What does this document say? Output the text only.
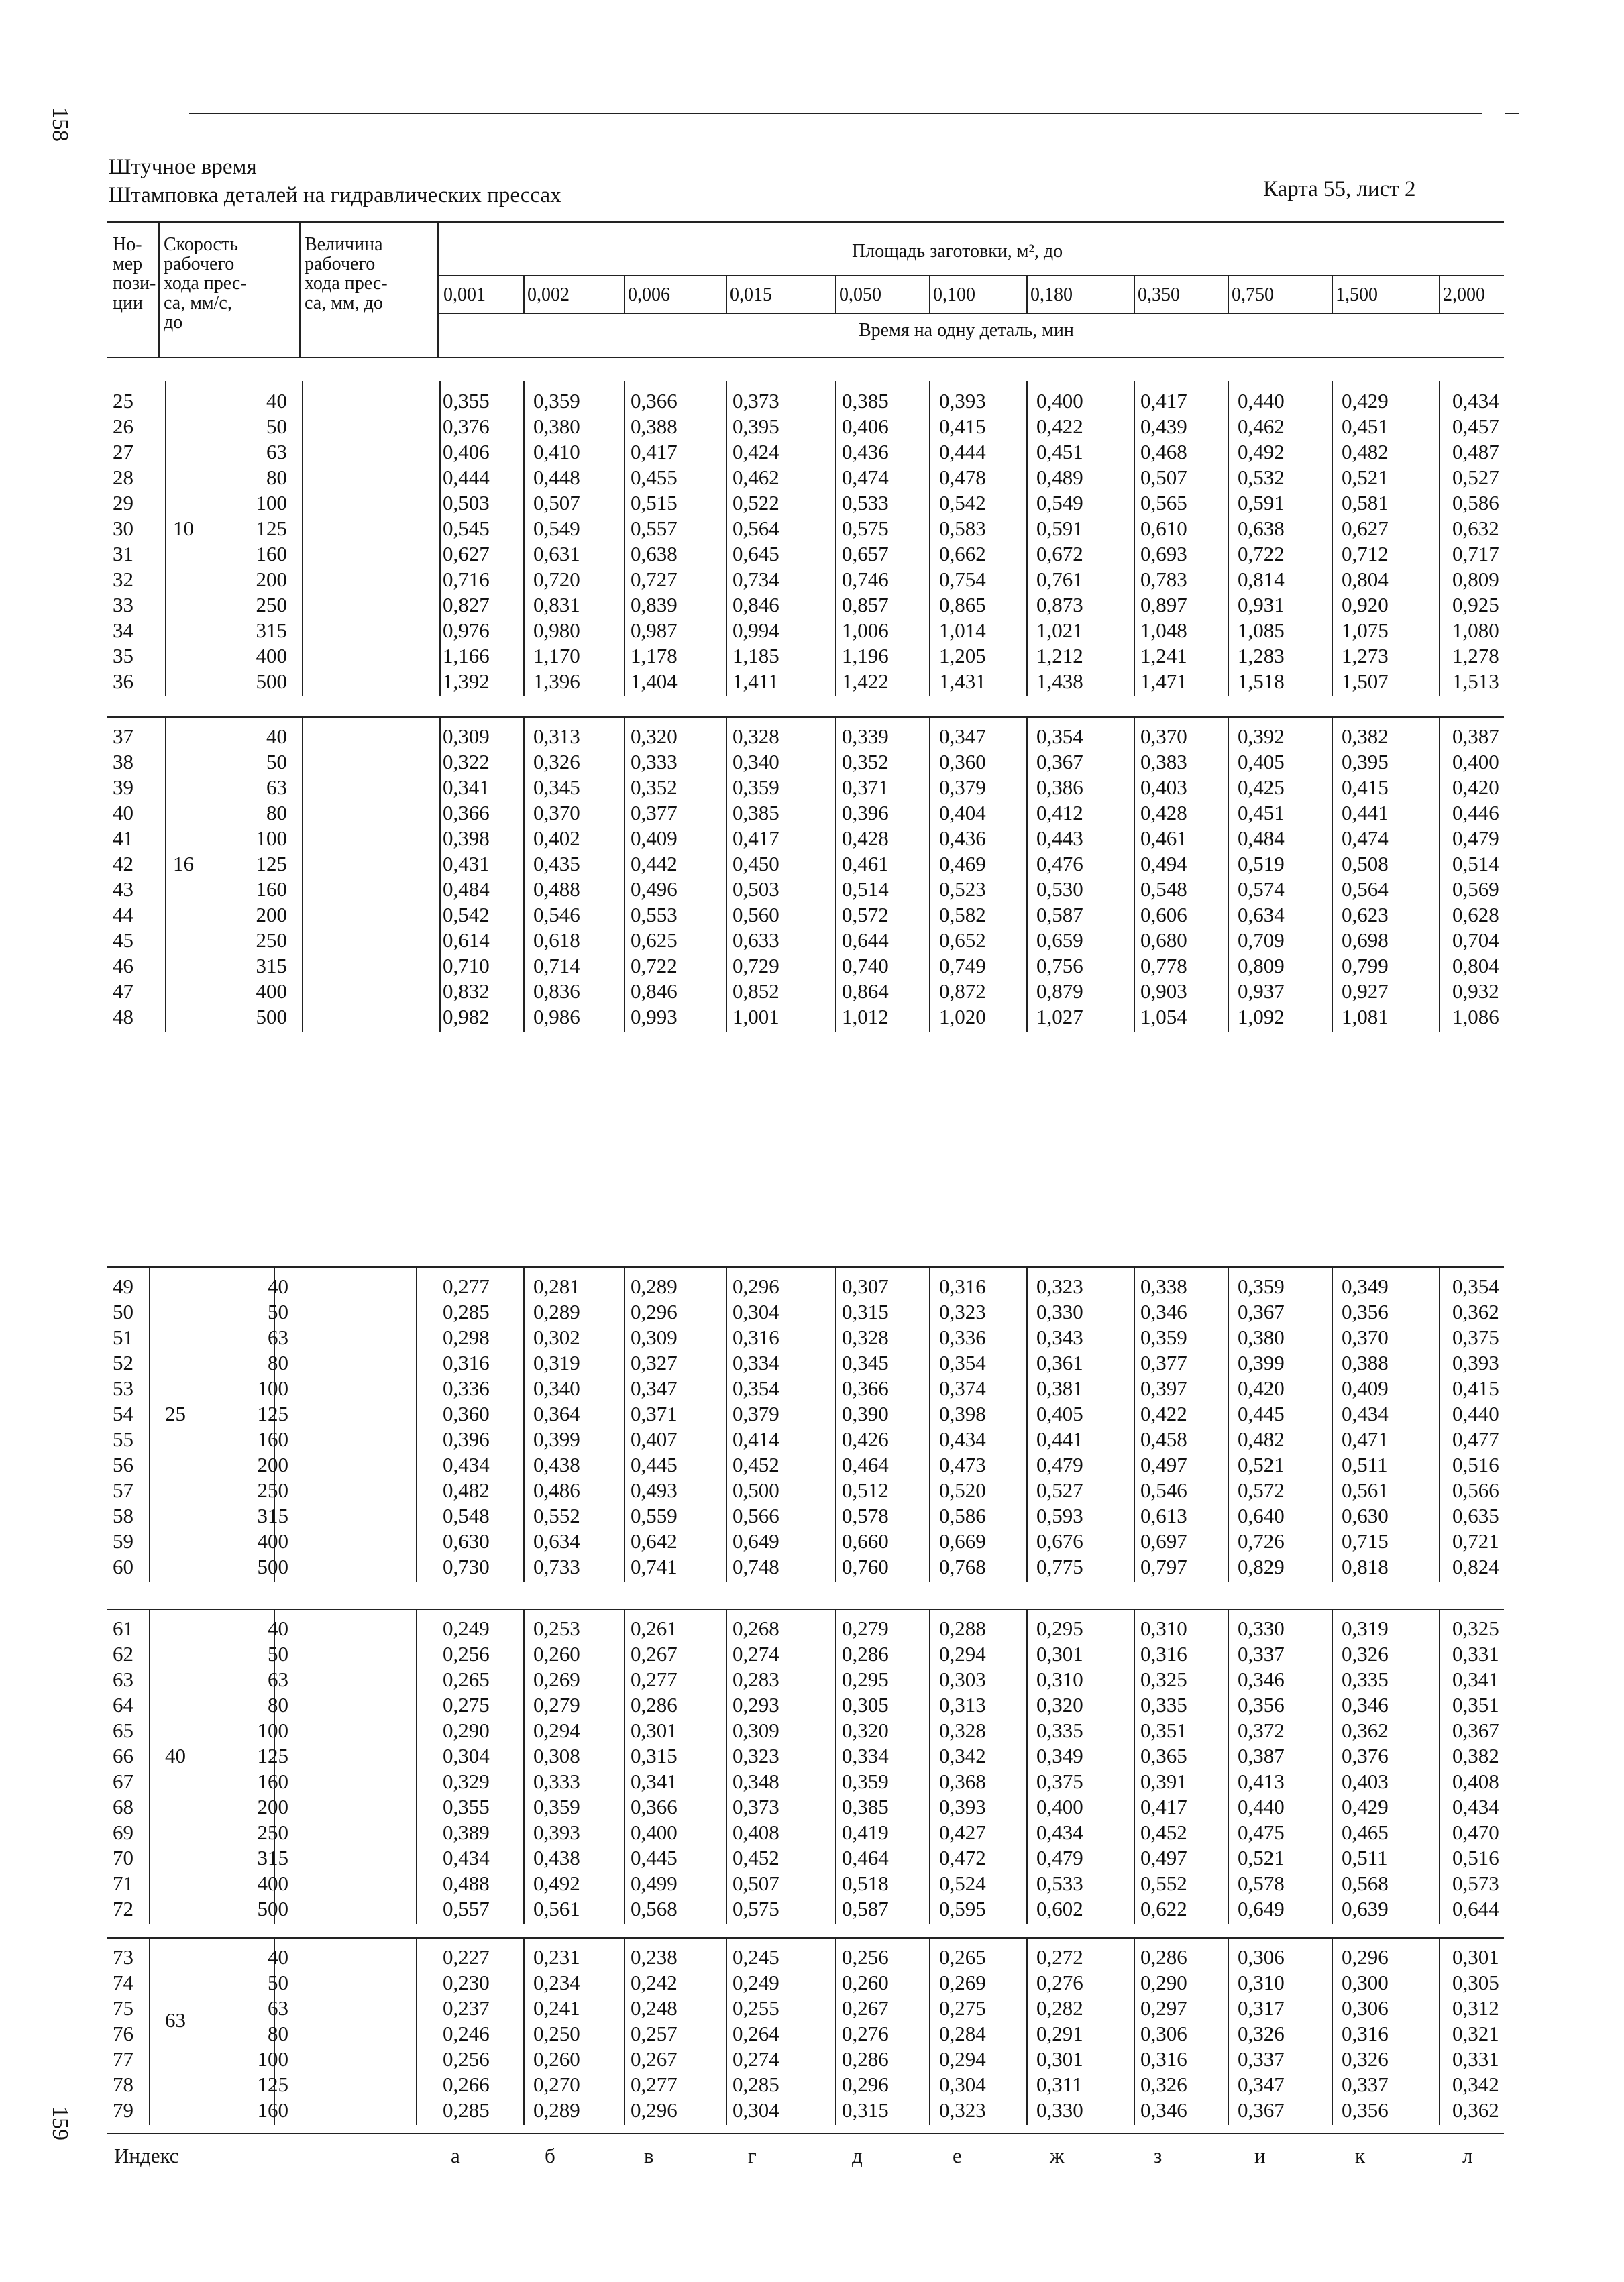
158
159
Штучное время
Штамповка деталей на гидравлических прессах	Карта 55, лист 2
Но-
мер
пози-
ции
Скорость
рабочего
хода прес-
са, мм/с,
до
Величина
рабочего
хода прес-
са, мм, до
Площадь заготовки, м², до
Время на одну деталь, мин
0,001 0,002	0,006	0,015	0,050	0,100	0,180	0,350	0,750	1,500	2,000
10
25	40	0,355 0,359 0,366	0,373	0,385 0,393 0,400	0,417 0,440	0,429	0,434
26	50	0,376 0,380 0,388	0,395	0,406 0,415 0,422	0,439 0,462	0,451	0,457
27	63	0,406 0,410 0,417	0,424	0,436 0,444 0,451	0,468 0,492	0,482	0,487
28	80	0,444 0,448 0,455	0,462	0,474 0,478 0,489	0,507 0,532	0,521	0,527
29	100	0,503 0,507 0,515	0,522	0,533 0,542 0,549	0,565 0,591	0,581	0,586
30	125	0,545 0,549 0,557	0,564	0,575 0,583 0,591	0,610 0,638	0,627	0,632
31	160	0,627 0,631 0,638	0,645	0,657 0,662 0,672	0,693 0,722	0,712	0,717
32	200	0,716 0,720 0,727	0,734	0,746 0,754 0,761	0,783 0,814	0,804	0,809
33	250	0,827 0,831 0,839	0,846	0,857 0,865 0,873	0,897 0,931	0,920	0,925
34	315	0,976 0,980 0,987	0,994	1,006 1,014 1,021	1,048 1,085	1,075	1,080
35	400	1,166 1,170 1,178	1,185	1,196 1,205 1,212	1,241 1,283	1,273	1,278
36	500	1,392 1,396 1,404	1,411	1,422 1,431 1,438	1,471 1,518	1,507	1,513
16
37	40	0,309 0,313 0,320	0,328	0,339 0,347 0,354	0,370 0,392	0,382	0,387
38	50	0,322 0,326 0,333	0,340	0,352 0,360 0,367	0,383 0,405	0,395	0,400
39	63	0,341 0,345 0,352	0,359	0,371 0,379 0,386	0,403 0,425	0,415	0,420
40	80	0,366 0,370 0,377	0,385	0,396 0,404 0,412	0,428 0,451	0,441	0,446
41	100	0,398 0,402 0,409	0,417	0,428 0,436 0,443	0,461 0,484	0,474	0,479
42	125	0,431 0,435 0,442	0,450	0,461 0,469 0,476	0,494 0,519	0,508	0,514
43	160	0,484 0,488 0,496	0,503	0,514 0,523 0,530	0,548 0,574	0,564	0,569
44	200	0,542 0,546 0,553	0,560	0,572 0,582 0,587	0,606 0,634	0,623	0,628
45	250	0,614 0,618 0,625	0,633	0,644 0,652 0,659	0,680 0,709	0,698	0,704
46	315	0,710 0,714 0,722	0,729	0,740 0,749 0,756	0,778 0,809	0,799	0,804
47	400	0,832 0,836 0,846	0,852	0,864 0,872 0,879	0,903 0,937	0,927	0,932
48	500	0,982 0,986 0,993	1,001	1,012 1,020 1,027	1,054 1,092	1,081	1,086
25
49	40	0,277 0,281 0,289	0,296	0,307 0,316 0,323	0,338 0,359	0,349	0,354
50	50	0,285 0,289 0,296	0,304	0,315 0,323 0,330	0,346 0,367	0,356	0,362
51	63	0,298 0,302 0,309	0,316	0,328 0,336 0,343	0,359 0,380	0,370	0,375
52	80	0,316 0,319 0,327	0,334	0,345 0,354 0,361	0,377 0,399	0,388	0,393
53	100	0,336 0,340 0,347	0,354	0,366 0,374 0,381	0,397 0,420	0,409	0,415
54	125	0,360 0,364 0,371	0,379	0,390 0,398 0,405	0,422 0,445	0,434	0,440
55	160	0,396 0,399 0,407	0,414	0,426 0,434 0,441	0,458 0,482	0,471	0,477
56	200	0,434 0,438 0,445	0,452	0,464 0,473 0,479	0,497 0,521	0,511	0,516
57	250	0,482 0,486 0,493	0,500	0,512 0,520 0,527	0,546 0,572	0,561	0,566
58	315	0,548 0,552 0,559	0,566	0,578 0,586 0,593	0,613 0,640	0,630	0,635
59	400	0,630 0,634 0,642	0,649	0,660 0,669 0,676	0,697 0,726	0,715	0,721
60	500	0,730 0,733 0,741	0,748	0,760 0,768 0,775	0,797 0,829	0,818	0,824
40
61	40	0,249 0,253 0,261	0,268	0,279 0,288 0,295	0,310 0,330	0,319	0,325
62	50	0,256 0,260 0,267	0,274	0,286 0,294 0,301	0,316 0,337	0,326	0,331
63	63	0,265 0,269 0,277	0,283	0,295 0,303 0,310	0,325 0,346	0,335	0,341
64	80	0,275 0,279 0,286	0,293	0,305 0,313 0,320	0,335 0,356	0,346	0,351
65	100	0,290 0,294 0,301	0,309	0,320 0,328 0,335	0,351 0,372	0,362	0,367
66	125	0,304 0,308 0,315	0,323	0,334 0,342 0,349	0,365 0,387	0,376	0,382
67	160	0,329 0,333 0,341	0,348	0,359 0,368 0,375	0,391 0,413	0,403	0,408
68	200	0,355 0,359 0,366	0,373	0,385 0,393 0,400	0,417 0,440	0,429	0,434
69	250	0,389 0,393 0,400	0,408	0,419 0,427 0,434	0,452 0,475	0,465	0,470
70	315	0,434 0,438 0,445	0,452	0,464 0,472 0,479	0,497 0,521	0,511	0,516
71	400	0,488 0,492 0,499	0,507	0,518 0,524 0,533	0,552 0,578	0,568	0,573
72	500	0,557 0,561 0,568	0,575	0,587 0,595 0,602	0,622 0,649	0,639	0,644
63
73	40	0,227 0,231 0,238	0,245	0,256 0,265 0,272	0,286 0,306	0,296	0,301
74	50	0,230 0,234 0,242	0,249	0,260 0,269 0,276	0,290 0,310	0,300	0,305
75	63	0,237 0,241 0,248	0,255	0,267 0,275 0,282	0,297 0,317	0,306	0,312
76	80	0,246 0,250 0,257	0,264	0,276 0,284 0,291	0,306 0,326	0,316	0,321
77	100	0,256 0,260 0,267	0,274	0,286 0,294 0,301	0,316 0,337	0,326	0,331
78	125	0,266 0,270 0,277	0,285	0,296 0,304 0,311	0,326 0,347	0,337	0,342
79	160	0,285 0,289 0,296	0,304	0,315 0,323 0,330	0,346 0,367	0,356	0,362
Индекс	а	б	в	г	д	е	ж	з	и	к	л
